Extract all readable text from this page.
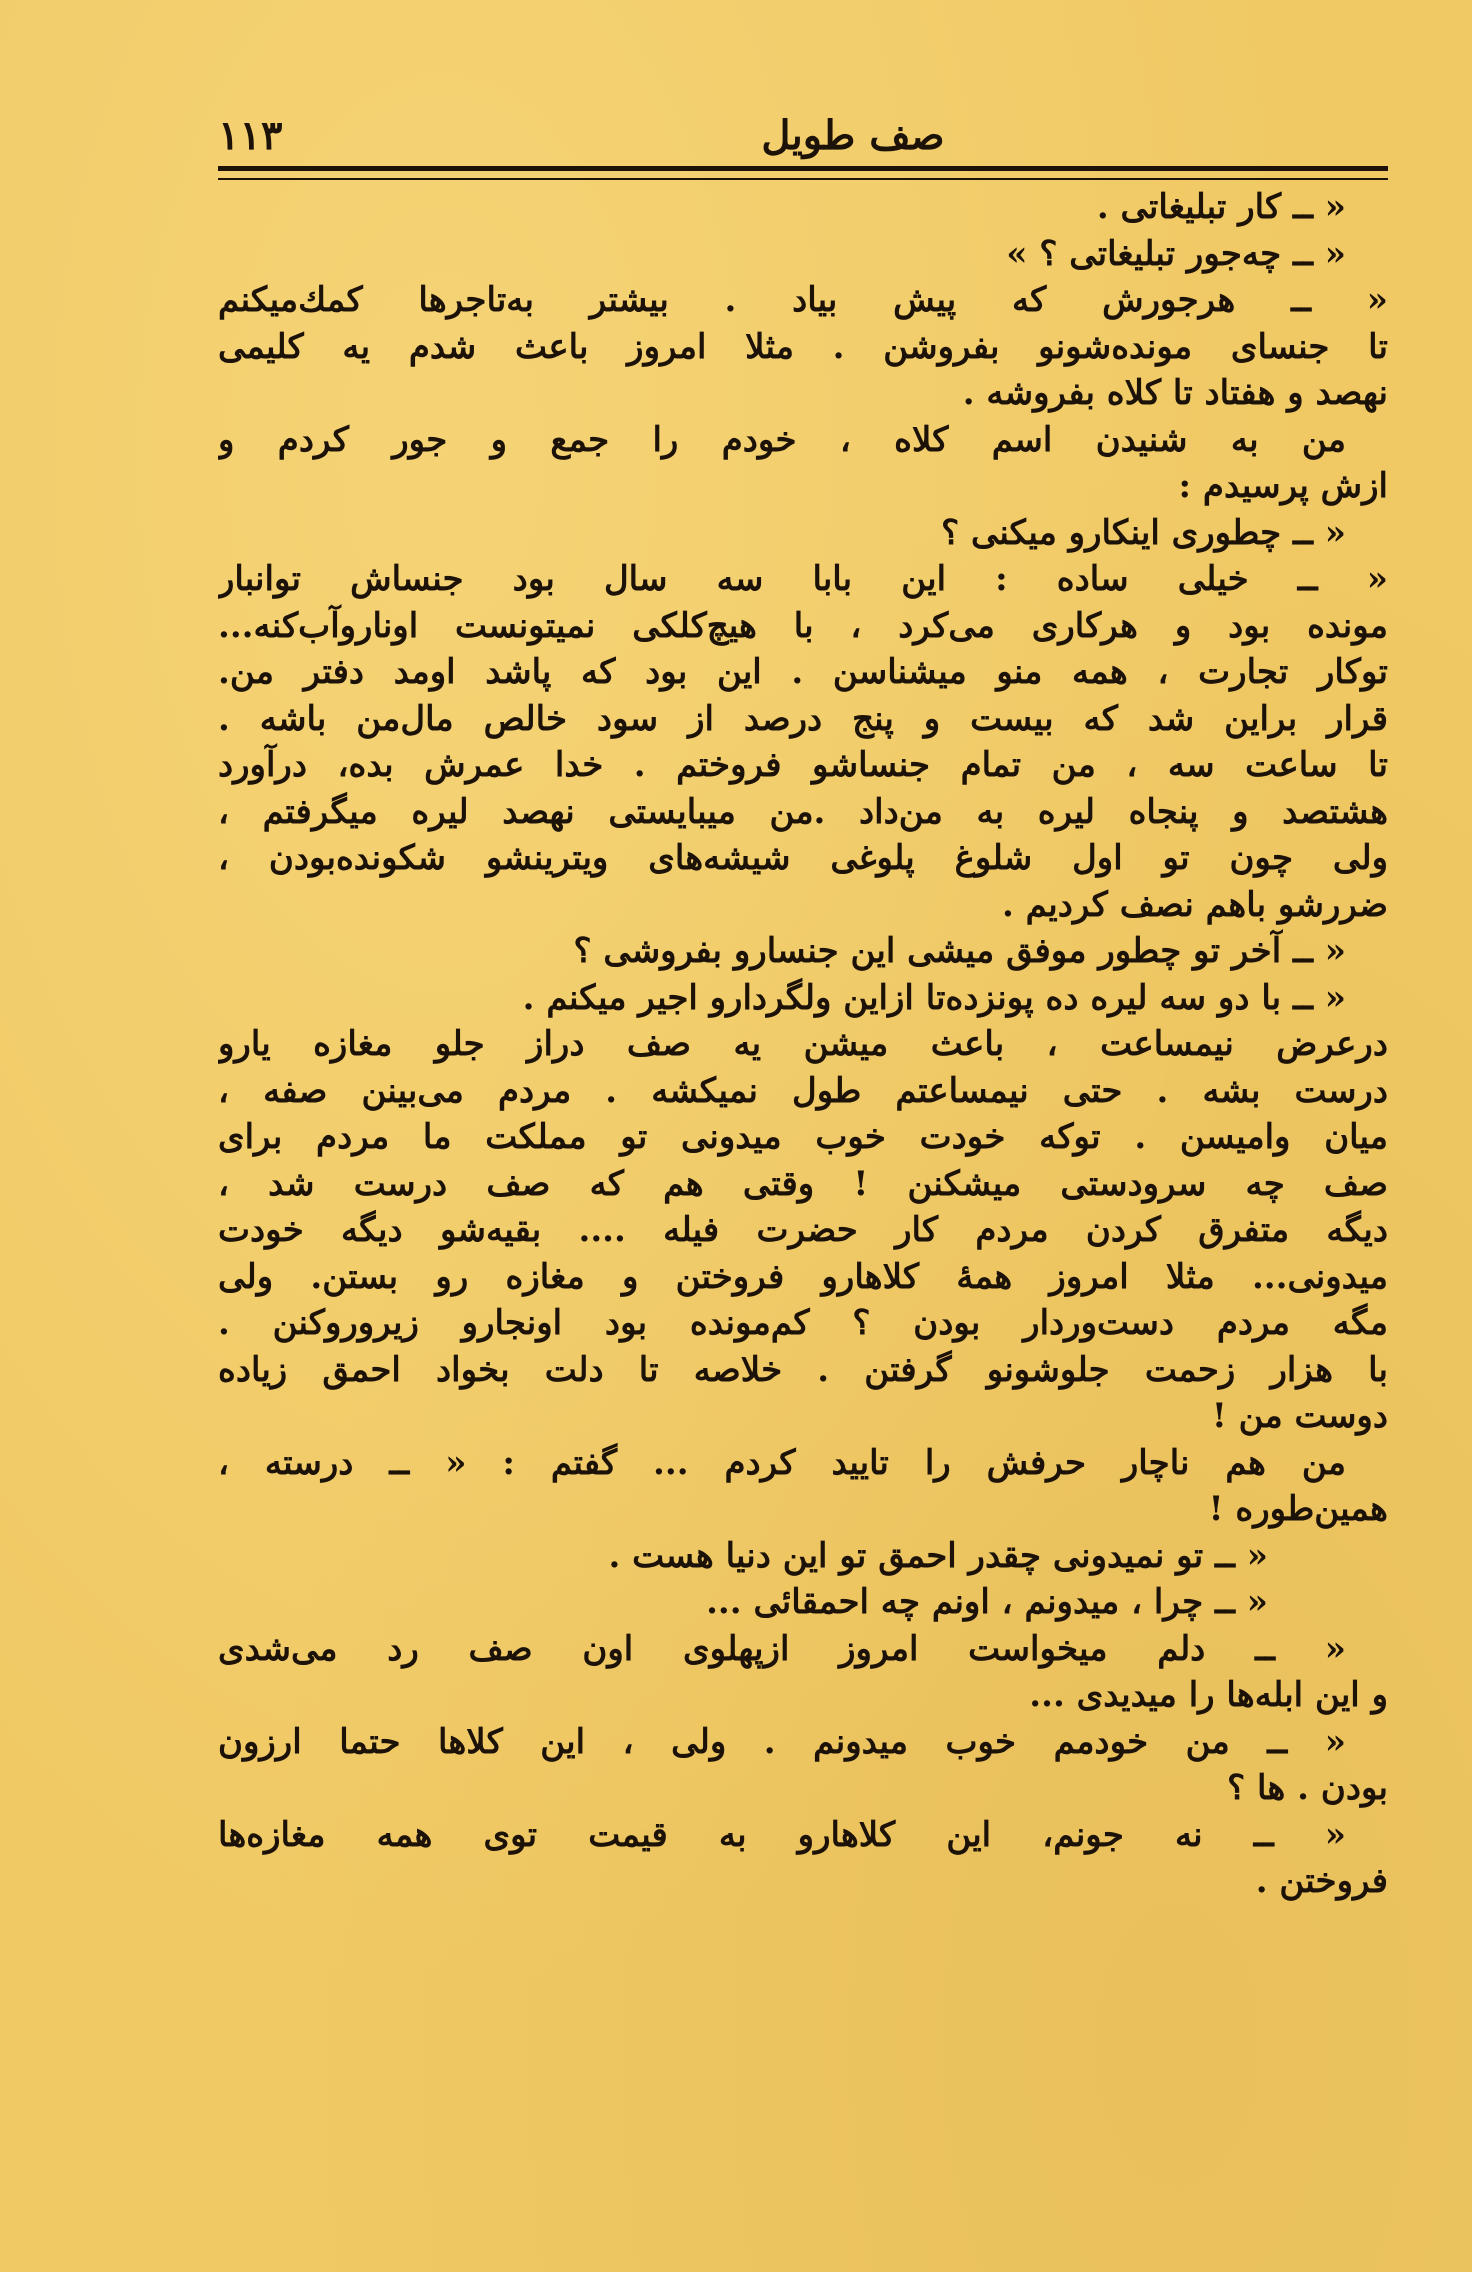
۱۱۳	صف طویل
« ــ کار تبلیغاتی .
« ــ چه‌جور تبلیغاتی ؟ »
« ــ هرجورش که پیش بیاد . بیشتر به‌تاجرها کمك‌میکنم
تا جنسای مونده‌شونو بفروشن . مثلا امروز باعث شدم یه کلیمی
نهصد و هفتاد تا کلاه بفروشه .
من به شنیدن اسم کلاه ، خودم را جمع و جور کردم و
ازش پرسیدم :
« ــ چطوری اینکارو میکنی ؟
« ــ خیلی ساده : این بابا سه سال بود جنساش توانبار
مونده بود و هرکاری می‌کرد ، با هیچ‌کلکی نمیتونست اوناروآب‌کنه...
توکار تجارت ، همه منو میشناسن . این بود که پاشد اومد دفتر من.
قرار براین شد که بیست و پنج درصد از سود خالص مال‌من باشه .
تا ساعت سه ، من تمام جنساشو فروختم . خدا عمرش بده، درآورد
هشتصد و پنجاه لیره به من‌داد .من میبایستی نهصد لیره میگرفتم ،
ولی چون تو اول شلوغ پلوغی شیشه‌های ویترینشو شکونده‌بودن ،
ضررشو باهم نصف کردیم .
« ــ آخر تو چطور موفق میشی این جنسارو بفروشی ؟
« ــ با دو سه لیره ده پونزده‌تا ازاین ولگردارو اجیر میکنم .
درعرض نیمساعت ، باعث میشن یه صف دراز جلو مغازه یارو
درست بشه . حتی نیمساعتم طول نمیکشه . مردم می‌بینن صفه ،
میان وامیسن . توکه خودت خوب میدونی تو مملکت ما مردم برای
صف چه سرودستی میشکنن ! وقتی هم که صف درست شد ،
دیگه متفرق کردن مردم کار حضرت فیله .... بقیه‌شو دیگه خودت
میدونی... مثلا امروز همهٔ کلاهارو فروختن و مغازه رو بستن. ولی
مگه مردم دست‌وردار بودن ؟ کم‌مونده بود اونجارو زیروروکنن .
با هزار زحمت جلوشونو گرفتن . خلاصه تا دلت بخواد احمق زیاده
دوست من !
من هم ناچار حرفش را تایید کردم ... گفتم : « ــ درسته ،
همین‌طوره !
« ــ تو نمیدونی چقدر احمق تو این دنیا هست .
« ــ چرا ، میدونم ، اونم چه احمقائی ...
« ــ دلم میخواست امروز ازپهلوی اون صف رد می‌شدی
و این ابله‌ها را میدیدی ...
« ــ من خودمم خوب میدونم . ولی ، این کلاها حتما ارزون
بودن . ها ؟
« ــ نه جونم، این کلاهارو به قیمت توی همه مغازه‌ها
فروختن .
